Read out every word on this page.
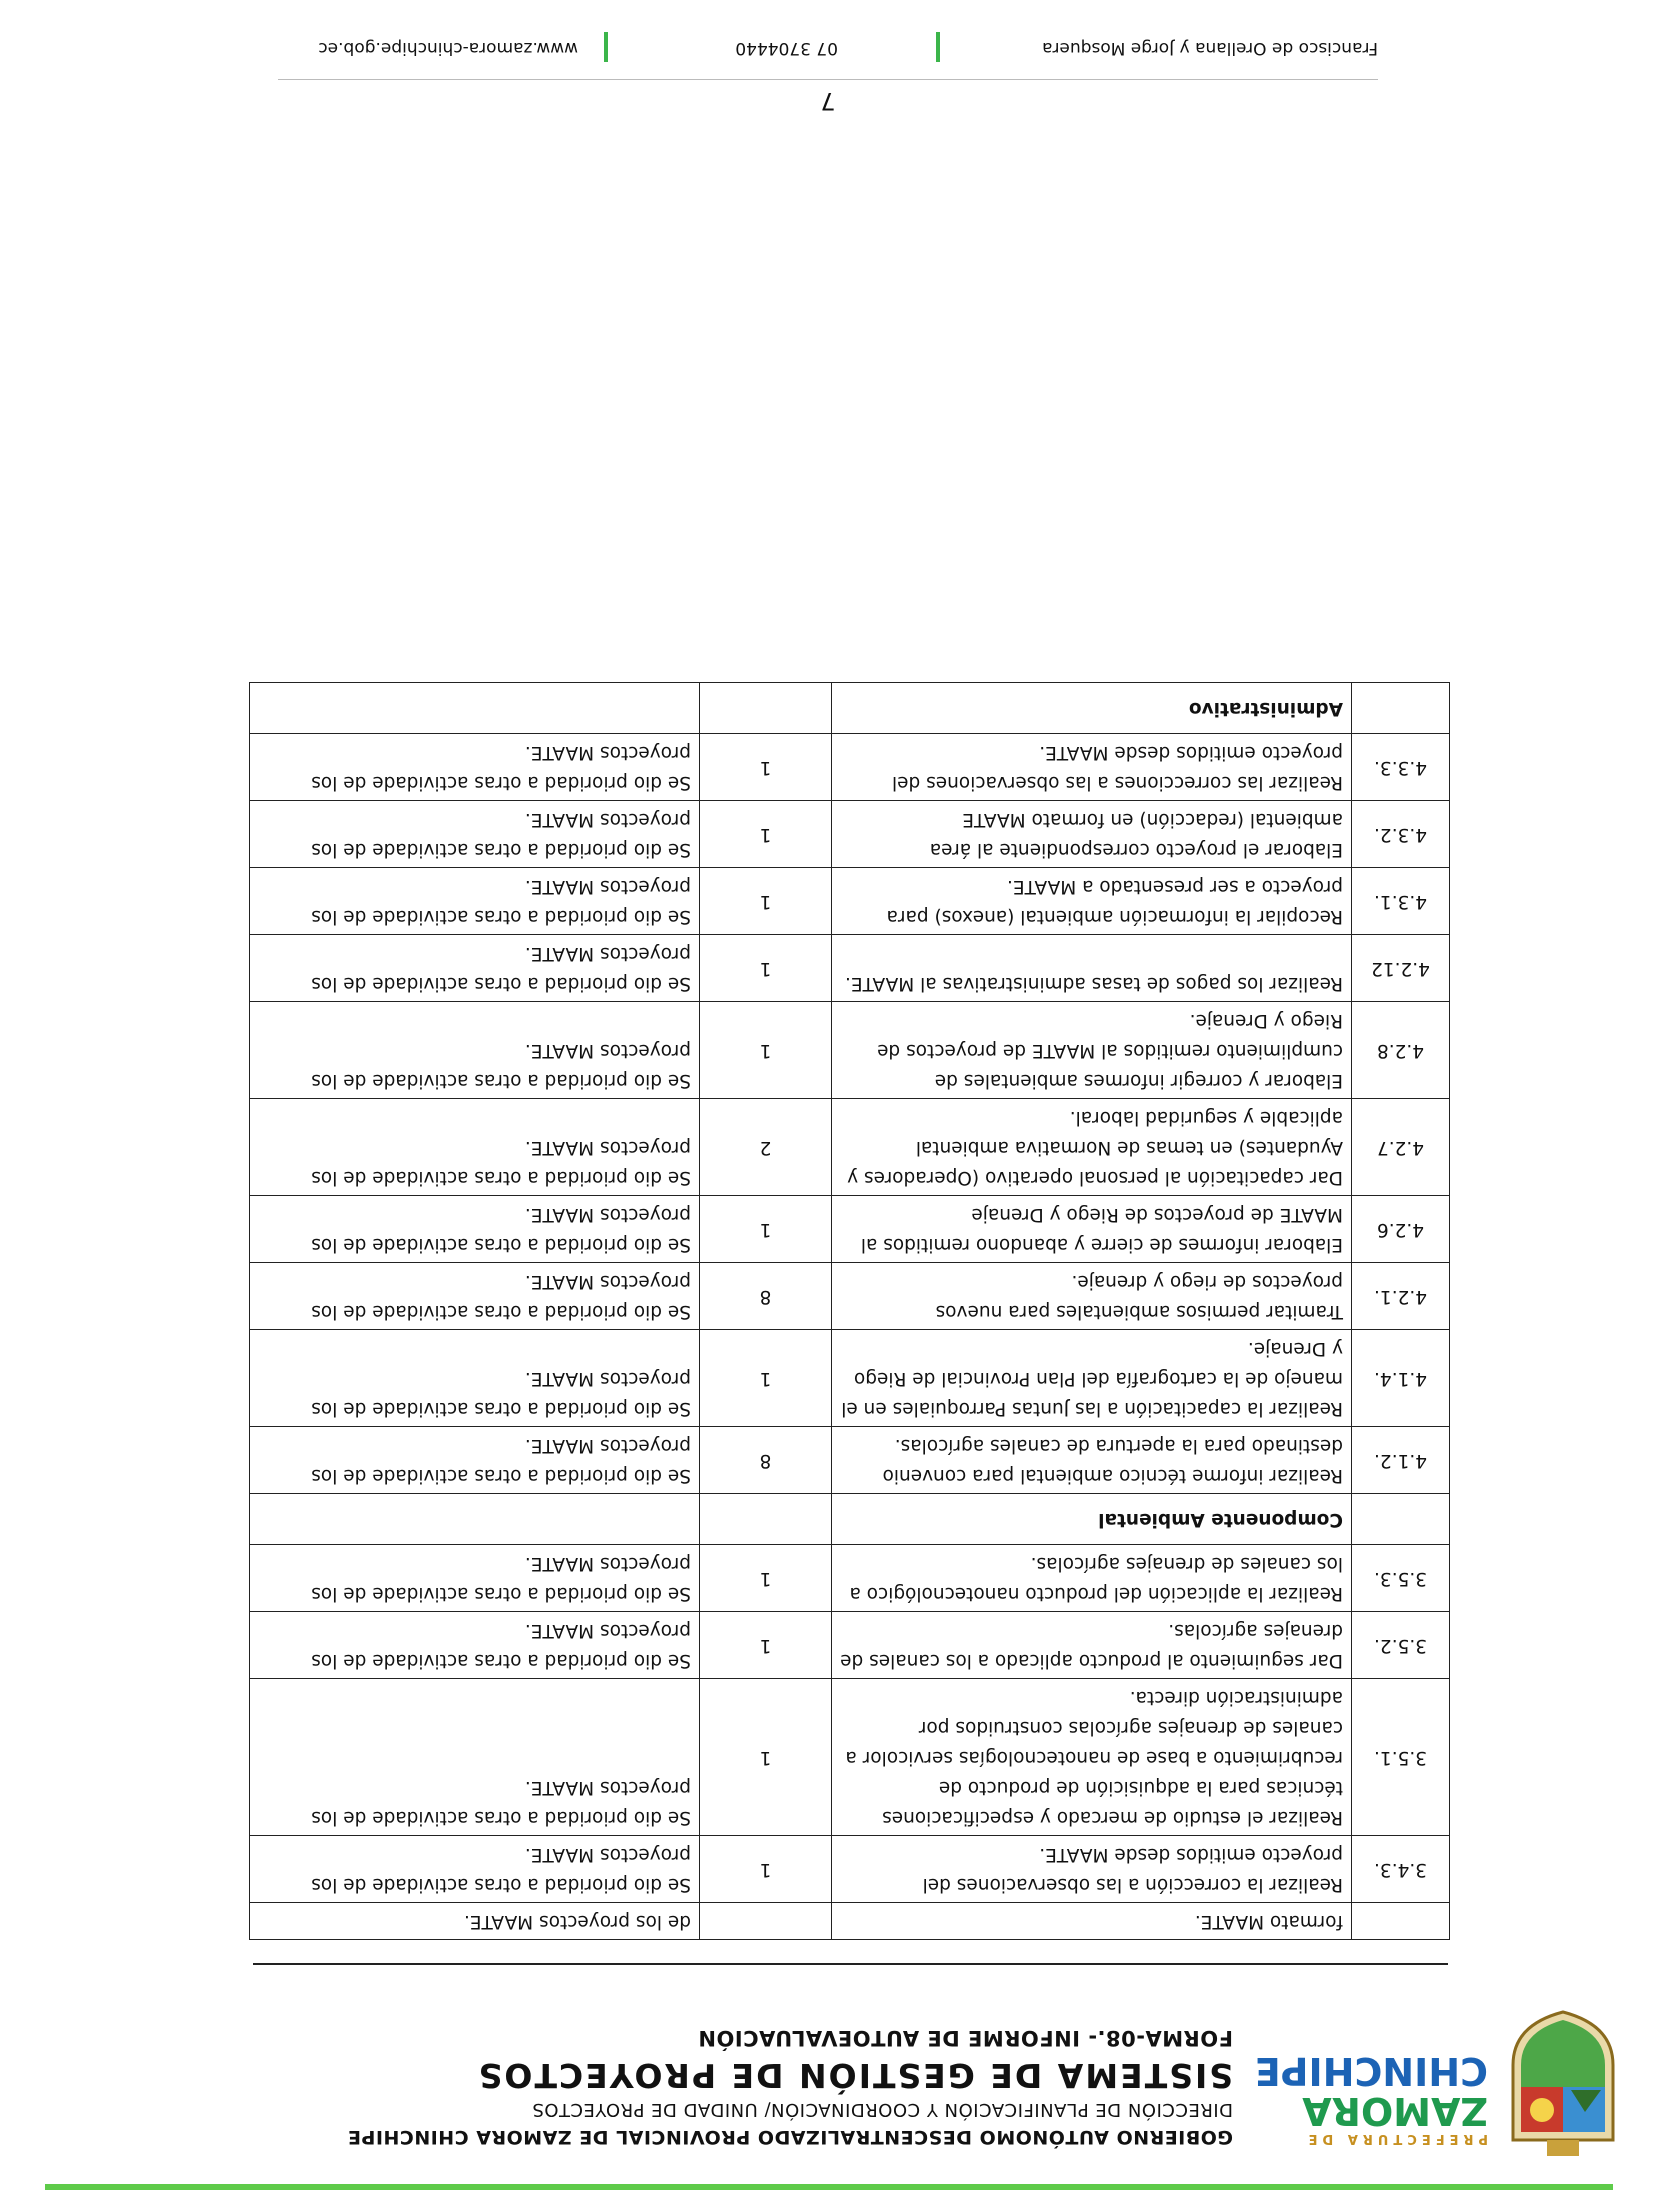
PREFECTURA DE
ZAMORA
CHINCHIPE
GOBIERNO AUTÓNOMO DESCENTRALIZADO PROVINCIAL DE ZAMORA CHINCHIPE
DIRECCIÓN DE PLANIFICACIÓN Y COORDINACIÓN/ UNIDAD DE PROYECTOS
SISTEMA DE GESTIÓN DE PROYECTOS
FORMA-08.- INFORME DE AUTOEVALUACIÓN
	formato MAATE.		de los proyectos MAATE.
3.4.3.	Realizar la corrección a las observaciones del proyecto emitidos desde MAATE.	1	Se dio prioridad a otras actividade de los proyectos MAATE.
3.5.1.	Realizar el estudio de mercado y especificaciones técnicas para la adquisición de producto de recubrimiento a base de nanotecnologías servicolor a canales de drenajes agrícolas construidos por administración directa.	1	Se dio prioridad a otras actividade de los proyectos MAATE.
3.5.2.	Dar seguimiento al producto aplicado a los canales de drenajes agrícolas.	1	Se dio prioridad a otras actividade de los proyectos MAATE.
3.5.3.	Realizar la aplicación del producto nanotecnológico a los canales de drenajes agrícolas.	1	Se dio prioridad a otras actividade de los proyectos MAATE.
	Componente Ambiental		
4.1.2.	Realizar informe técnico ambiental para convenio destinado para la apertura de canales agrícolas.	8	Se dio prioridad a otras actividade de los proyectos MAATE.
4.1.4.	Realizar la capacitación a las Juntas Parroquiales en el manejo de la cartografía del Plan Provincial de Riego y Drenaje.	1	Se dio prioridad a otras actividade de los proyectos MAATE.
4.2.1.	Tramitar permisos ambientales para nuevos proyectos de riego y drenaje.	8	Se dio prioridad a otras actividade de los proyectos MAATE.
4.2.6	Elaborar informes de cierre y abandono remitidos al MAATE de proyectos de Riego y Drenaje	1	Se dio prioridad a otras actividade de los proyectos MAATE.
4.2.7	Dar capacitación al personal operativo (Operadores y Ayudantes) en temas de Normativa ambiental aplicable y seguridad laboral.	2	Se dio prioridad a otras actividade de los proyectos MAATE.
4.2.8	Elaborar y corregir informes ambientales de cumplimiento remitidos al MAATE de proyectos de Riego y Drenaje.	1	Se dio prioridad a otras actividade de los proyectos MAATE.
4.2.12	Realizar los pagos de tasas administrativas al MAATE.	1	Se dio prioridad a otras actividade de los proyectos MAATE.
4.3.1.	Recopilar la información ambiental (anexos) para proyecto a ser presentado a MAATE.	1	Se dio prioridad a otras actividade de los proyectos MAATE.
4.3.2.	Elaborar el proyecto correspondiente al área ambiental (redacción) en formato MAATE	1	Se dio prioridad a otras actividade de los proyectos MAATE.
4.3.3.	Realizar las correcciones a las observaciones del proyecto emitidos desde MAATE.	1	Se dio prioridad a otras actividade de los proyectos MAATE.
	Administrativo		
7
Francisco de Orellana y Jorge Mosquera
07 3704440
www.zamora-chinchipe.gob.ec
